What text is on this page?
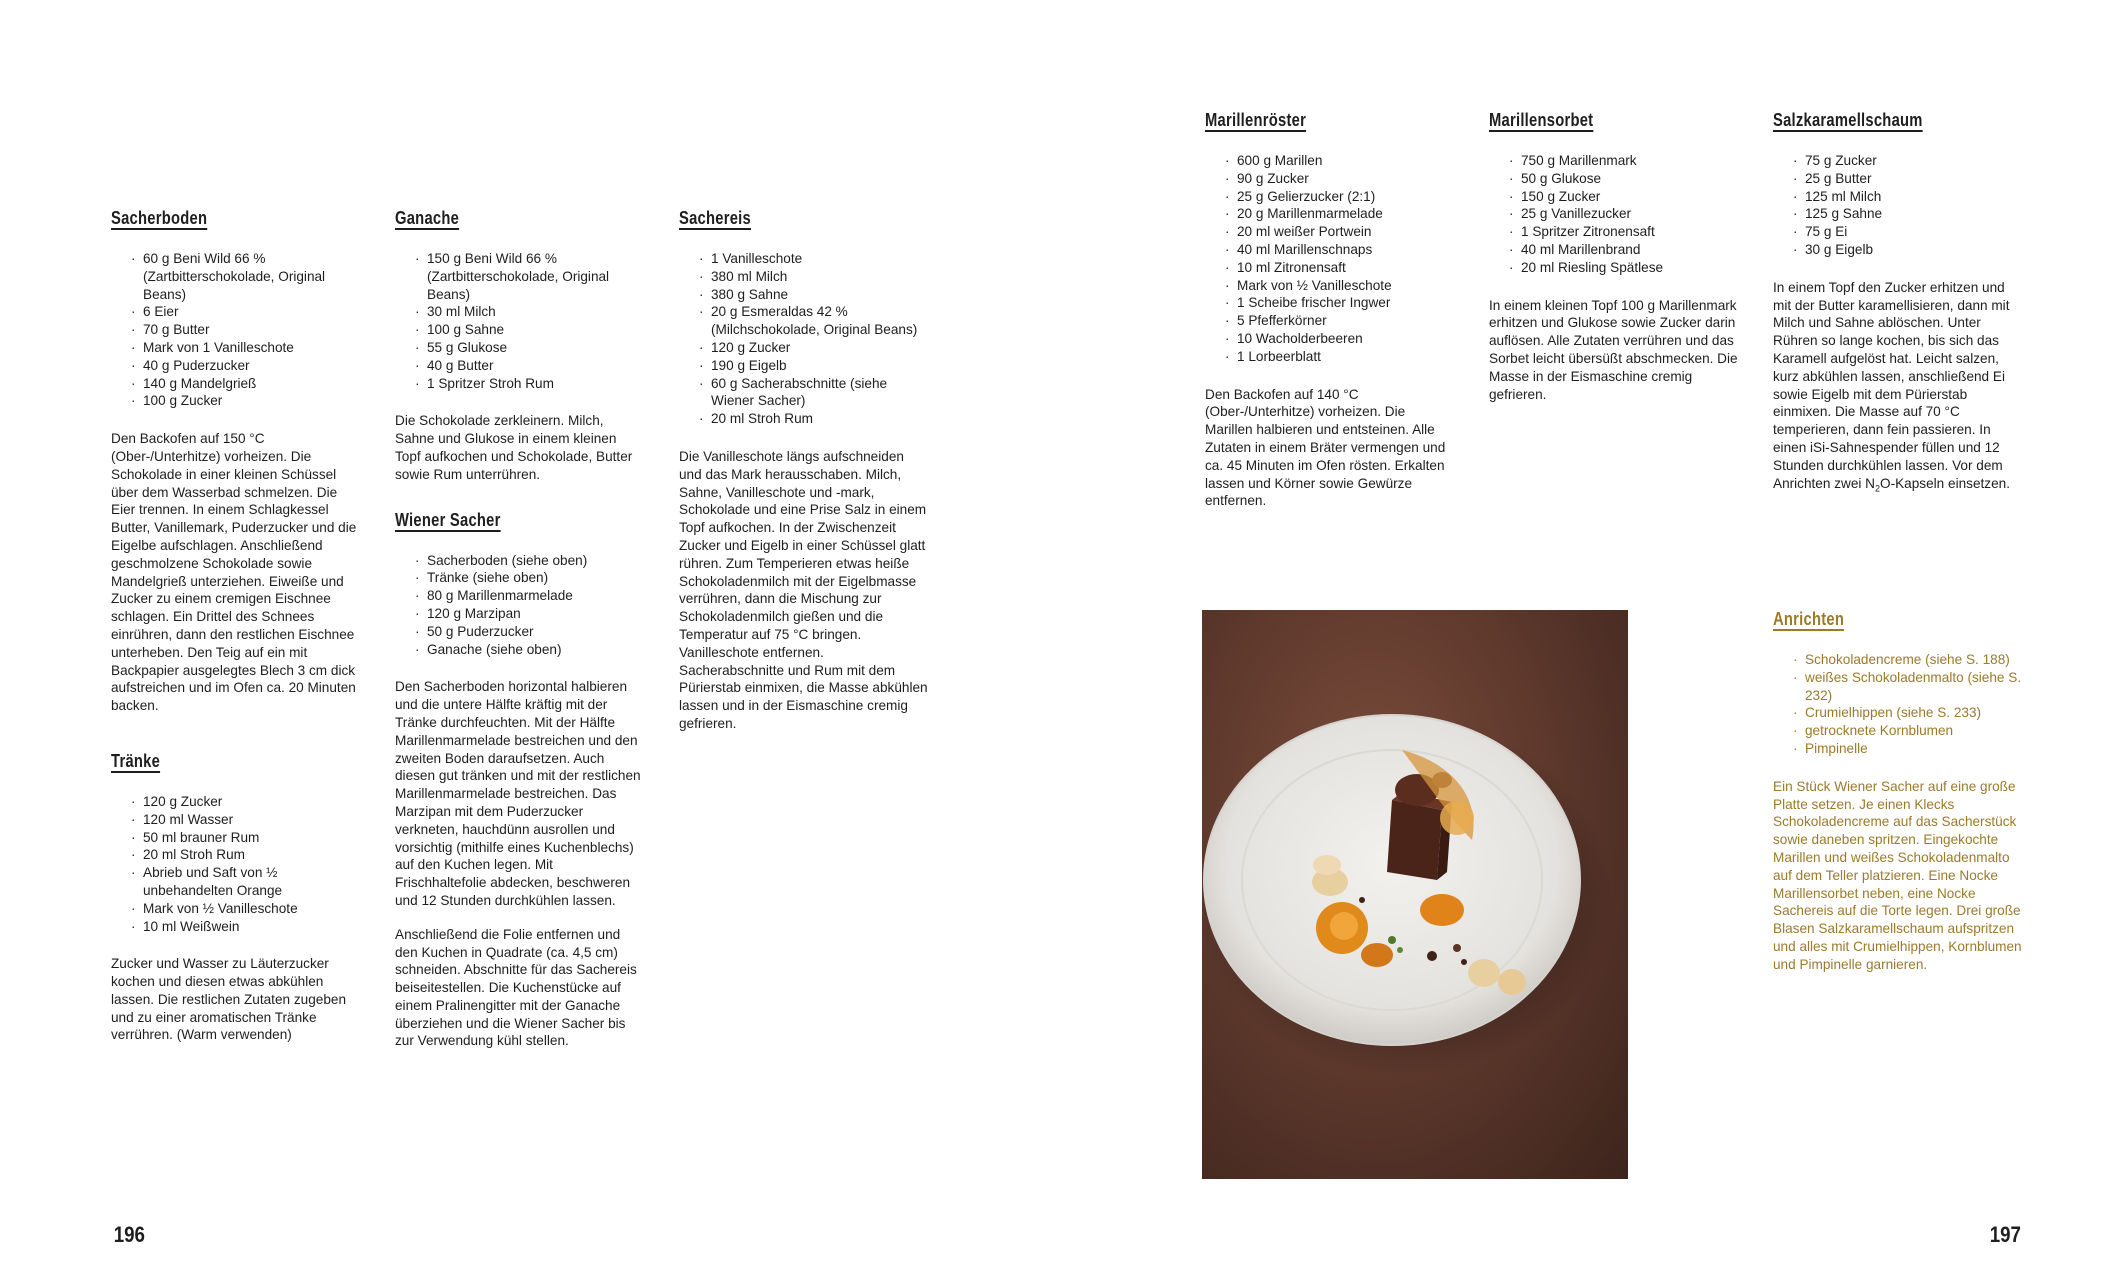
Sacherboden
· 60 g Beni Wild 66 % (Zartbitterschokolade, Original Beans)
· 6 Eier
· 70 g Butter
· Mark von 1 Vanilleschote
· 40 g Puderzucker
· 140 g Mandelgrieß
· 100 g Zucker

Den Backofen auf 150 °C (Ober-/Unterhitze) vorheizen. Die Schokolade in einer kleinen Schüssel über dem Wasserbad schmelzen. Die Eier trennen. In einem Schlagkessel Butter, Vanillemark, Puderzucker und die Eigelbe aufschlagen. Anschließend geschmolzene Schokolade sowie Mandelgrieß unterziehen. Eiweiße und Zucker zu einem cremigen Eischnee schlagen. Ein Drittel des Schnees einrühren, dann den restlichen Eischnee unterheben. Den Teig auf ein mit Backpapier ausgelegtes Blech 3 cm dick aufstreichen und im Ofen ca. 20 Minuten backen.

Tränke
· 120 g Zucker
· 120 ml Wasser
· 50 ml brauner Rum
· 20 ml Stroh Rum
· Abrieb und Saft von ½ unbehandelten Orange
· Mark von ½ Vanilleschote
· 10 ml Weißwein

Zucker und Wasser zu Läuterzucker kochen und diesen etwas abkühlen lassen. Die restlichen Zutaten zugeben und zu einer aromatischen Tränke verrühren. (Warm verwenden)

Ganache
· 150 g Beni Wild 66 % (Zartbitterschokolade, Original Beans)
· 30 ml Milch
· 100 g Sahne
· 55 g Glukose
· 40 g Butter
· 1 Spritzer Stroh Rum

Die Schokolade zerkleinern. Milch, Sahne und Glukose in einem kleinen Topf aufkochen und Schokolade, Butter sowie Rum unterrühren.

Wiener Sacher
· Sacherboden (siehe oben)
· Tränke (siehe oben)
· 80 g Marillenmarmelade
· 120 g Marzipan
· 50 g Puderzucker
· Ganache (siehe oben)

Den Sacherboden horizontal halbieren und die untere Hälfte kräftig mit der Tränke durchfeuchten. Mit der Hälfte Marillenmarmelade bestreichen und den zweiten Boden daraufsetzen. Auch diesen gut tränken und mit der restlichen Marillenmarmelade bestreichen. Das Marzipan mit dem Puderzucker verkneten, hauchdünn ausrollen und vorsichtig (mithilfe eines Kuchenblechs) auf den Kuchen legen. Mit Frischhaltefolie abdecken, beschweren und 12 Stunden durchkühlen lassen.

Anschließend die Folie entfernen und den Kuchen in Quadrate (ca. 4,5 cm) schneiden. Abschnitte für das Sachereis beiseitestellen. Die Kuchenstücke auf einem Pralinengitter mit der Ganache überziehen und die Wiener Sacher bis zur Verwendung kühl stellen.

Sachereis
· 1 Vanilleschote
· 380 ml Milch
· 380 g Sahne
· 20 g Esmeraldas 42 % (Milchschokolade, Original Beans)
· 120 g Zucker
· 190 g Eigelb
· 60 g Sacherabschnitte (siehe Wiener Sacher)
· 20 ml Stroh Rum

Die Vanilleschote längs aufschneiden und das Mark herausschaben. Milch, Sahne, Vanilleschote und -mark, Schokolade und eine Prise Salz in einem Topf aufkochen. In der Zwischenzeit Zucker und Eigelb in einer Schüssel glatt rühren. Zum Temperieren etwas heiße Schokoladenmilch mit der Eigelbmasse verrühren, dann die Mischung zur Schokoladenmilch gießen und die Temperatur auf 75 °C bringen. Vanilleschote entfernen. Sacherabschnitte und Rum mit dem Pürierstab einmixen, die Masse abkühlen lassen und in der Eismaschine cremig gefrieren.

196
Marillenröster
· 600 g Marillen
· 90 g Zucker
· 25 g Gelierzucker (2:1)
· 20 g Marillenmarmelade
· 20 ml weißer Portwein
· 40 ml Marillenschnaps
· 10 ml Zitronensaft
· Mark von ½ Vanilleschote
· 1 Scheibe frischer Ingwer
· 5 Pfefferkörner
· 10 Wacholderbeeren
· 1 Lorbeerblatt

Den Backofen auf 140 °C (Ober-/Unterhitze) vorheizen. Die Marillen halbieren und entsteinen. Alle Zutaten in einem Bräter vermengen und ca. 45 Minuten im Ofen rösten. Erkalten lassen und Körner sowie Gewürze entfernen.

Marillensorbet
· 750 g Marillenmark
· 50 g Glukose
· 150 g Zucker
· 25 g Vanillezucker
· 1 Spritzer Zitronensaft
· 40 ml Marillenbrand
· 20 ml Riesling Spätlese

In einem kleinen Topf 100 g Marillenmark erhitzen und Glukose sowie Zucker darin auflösen. Alle Zutaten verrühren und das Sorbet leicht übersüßt abschmecken. Die Masse in der Eismaschine cremig gefrieren.

Salzkaramellschaum
· 75 g Zucker
· 25 g Butter
· 125 ml Milch
· 125 g Sahne
· 75 g Ei
· 30 g Eigelb

In einem Topf den Zucker erhitzen und mit der Butter karamellisieren, dann mit Milch und Sahne ablöschen. Unter Rühren so lange kochen, bis sich das Karamell aufgelöst hat. Leicht salzen, kurz abkühlen lassen, anschließend Ei sowie Eigelb mit dem Pürierstab einmixen. Die Masse auf 70 °C temperieren, dann fein passieren. In einen iSi-Sahnespender füllen und 12 Stunden durchkühlen lassen. Vor dem Anrichten zwei $N_2O$-Kapseln einsetzen.

Anrichten
· Schokoladencreme (siehe S. 188)
· weißes Schokoladenmalto (siehe S. 232)
· Crumielhippen (siehe S. 233)
· getrocknete Kornblumen
· Pimpinelle

Ein Stück Wiener Sacher auf eine große Platte setzen. Je einen Klecks Schokoladencreme auf das Sacherstück sowie daneben spritzen. Eingekochte Marillen und weißes Schokoladenmalto auf dem Teller platzieren. Eine Nocke Marillensorbet neben, eine Nocke Sachereis auf die Torte legen. Drei große Blasen Salzkaramellschaum aufspritzen und alles mit Crumielhippen, Kornblumen und Pimpinelle garnieren.

197
